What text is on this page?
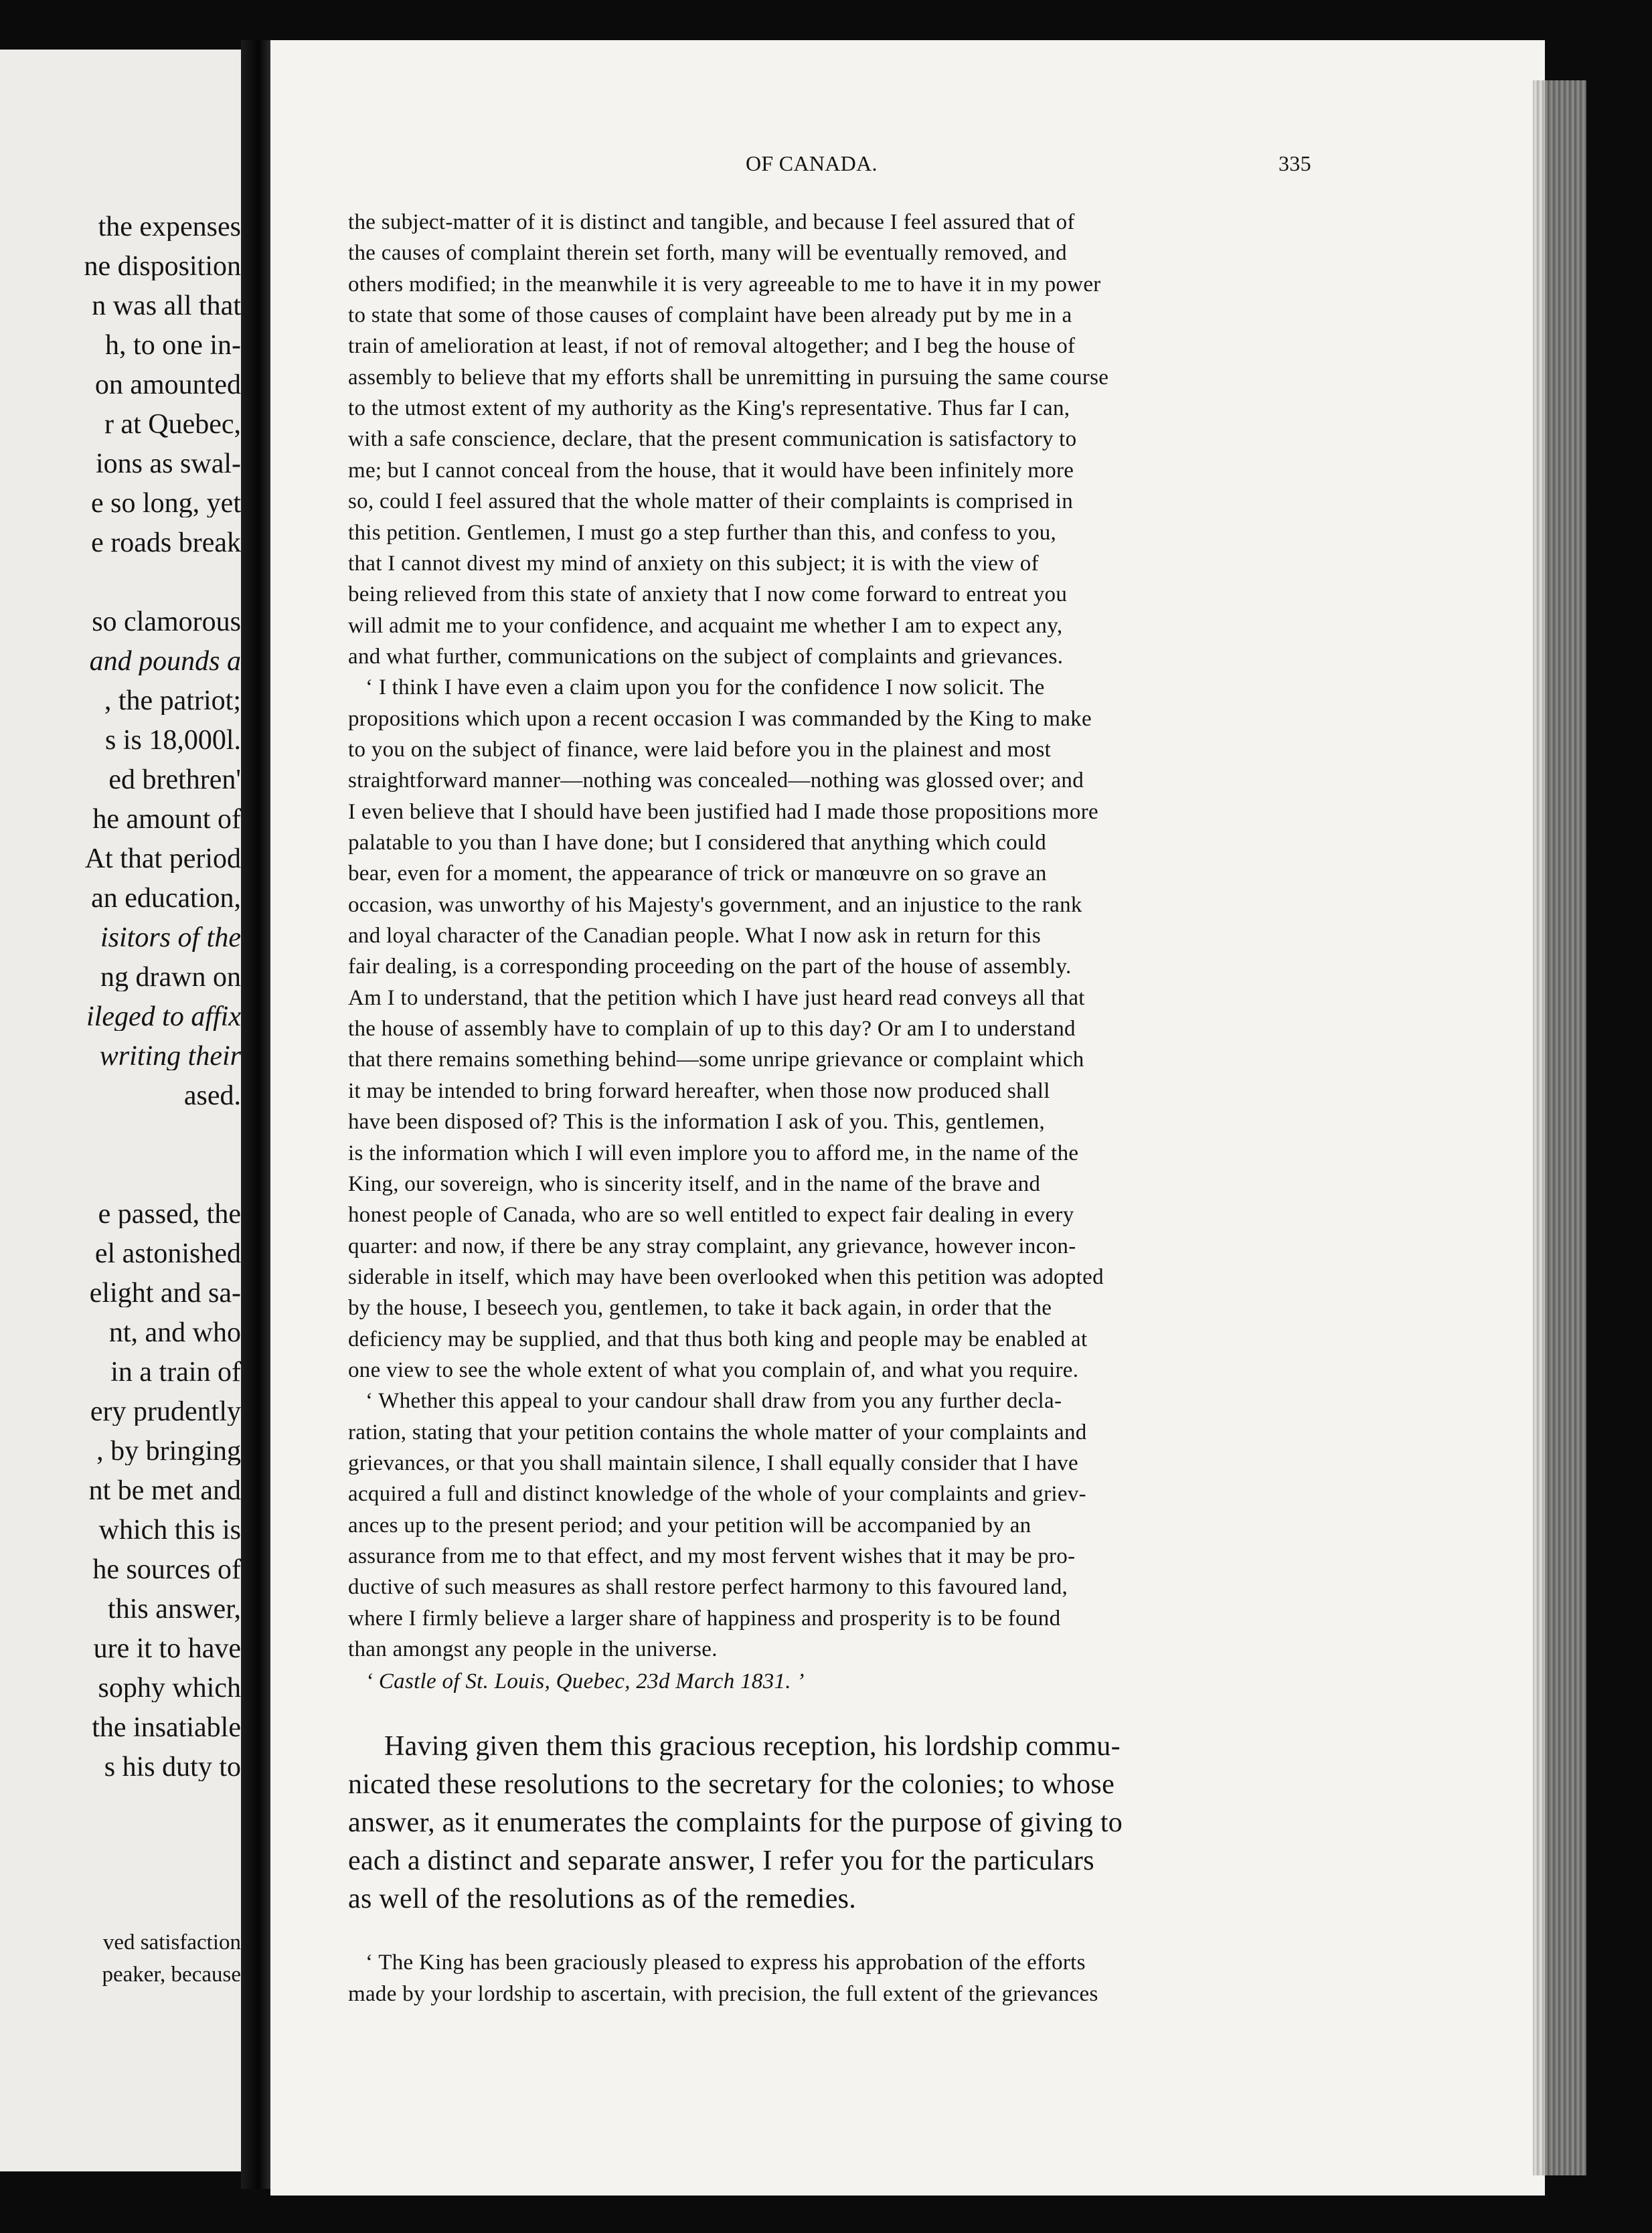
the expenses
ne disposition
n was all that
h, to one in-
on amounted
r at Quebec,
ions as swal-
e so long, yet
e roads break
so clamorous
and pounds a
, the patriot;
s is 18,000l.
ed brethren'
he amount of
At that period
an education,
isitors of the
ng drawn on
ileged to affix
writing their
ased.
e passed, the
el astonished
elight and sa-
nt, and who
in a train of
ery prudently
, by bringing
nt be met and
which this is
he sources of
this answer,
ure it to have
sophy which
the insatiable
s his duty to
ved satisfaction
peaker, because
OF CANADA.	335
the subject-matter of it is distinct and tangible, and because I feel assured that of
the causes of complaint therein set forth, many will be eventually removed, and
others modified; in the meanwhile it is very agreeable to me to have it in my power
to state that some of those causes of complaint have been already put by me in a
train of amelioration at least, if not of removal altogether; and I beg the house of
assembly to believe that my efforts shall be unremitting in pursuing the same course
to the utmost extent of my authority as the King's representative. Thus far I can,
with a safe conscience, declare, that the present communication is satisfactory to
me; but I cannot conceal from the house, that it would have been infinitely more
so, could I feel assured that the whole matter of their complaints is comprised in
this petition. Gentlemen, I must go a step further than this, and confess to you,
that I cannot divest my mind of anxiety on this subject; it is with the view of
being relieved from this state of anxiety that I now come forward to entreat you
will admit me to your confidence, and acquaint me whether I am to expect any,
and what further, communications on the subject of complaints and grievances.
‘ I think I have even a claim upon you for the confidence I now solicit. The
propositions which upon a recent occasion I was commanded by the King to make
to you on the subject of finance, were laid before you in the plainest and most
straightforward manner—nothing was concealed—nothing was glossed over; and
I even believe that I should have been justified had I made those propositions more
palatable to you than I have done; but I considered that anything which could
bear, even for a moment, the appearance of trick or manœuvre on so grave an
occasion, was unworthy of his Majesty's government, and an injustice to the rank
and loyal character of the Canadian people. What I now ask in return for this
fair dealing, is a corresponding proceeding on the part of the house of assembly.
Am I to understand, that the petition which I have just heard read conveys all that
the house of assembly have to complain of up to this day? Or am I to understand
that there remains something behind—some unripe grievance or complaint which
it may be intended to bring forward hereafter, when those now produced shall
have been disposed of? This is the information I ask of you. This, gentlemen,
is the information which I will even implore you to afford me, in the name of the
King, our sovereign, who is sincerity itself, and in the name of the brave and
honest people of Canada, who are so well entitled to expect fair dealing in every
quarter: and now, if there be any stray complaint, any grievance, however incon-
siderable in itself, which may have been overlooked when this petition was adopted
by the house, I beseech you, gentlemen, to take it back again, in order that the
deficiency may be supplied, and that thus both king and people may be enabled at
one view to see the whole extent of what you complain of, and what you require.
‘ Whether this appeal to your candour shall draw from you any further decla-
ration, stating that your petition contains the whole matter of your complaints and
grievances, or that you shall maintain silence, I shall equally consider that I have
acquired a full and distinct knowledge of the whole of your complaints and griev-
ances up to the present period; and your petition will be accompanied by an
assurance from me to that effect, and my most fervent wishes that it may be pro-
ductive of such measures as shall restore perfect harmony to this favoured land,
where I firmly believe a larger share of happiness and prosperity is to be found
than amongst any people in the universe.
‘ Castle of St. Louis, Quebec, 23d March 1831. ’
Having given them this gracious reception, his lordship commu-
nicated these resolutions to the secretary for the colonies; to whose
answer, as it enumerates the complaints for the purpose of giving to
each a distinct and separate answer, I refer you for the particulars
as well of the resolutions as of the remedies.
‘ The King has been graciously pleased to express his approbation of the efforts
made by your lordship to ascertain, with precision, the full extent of the grievances
